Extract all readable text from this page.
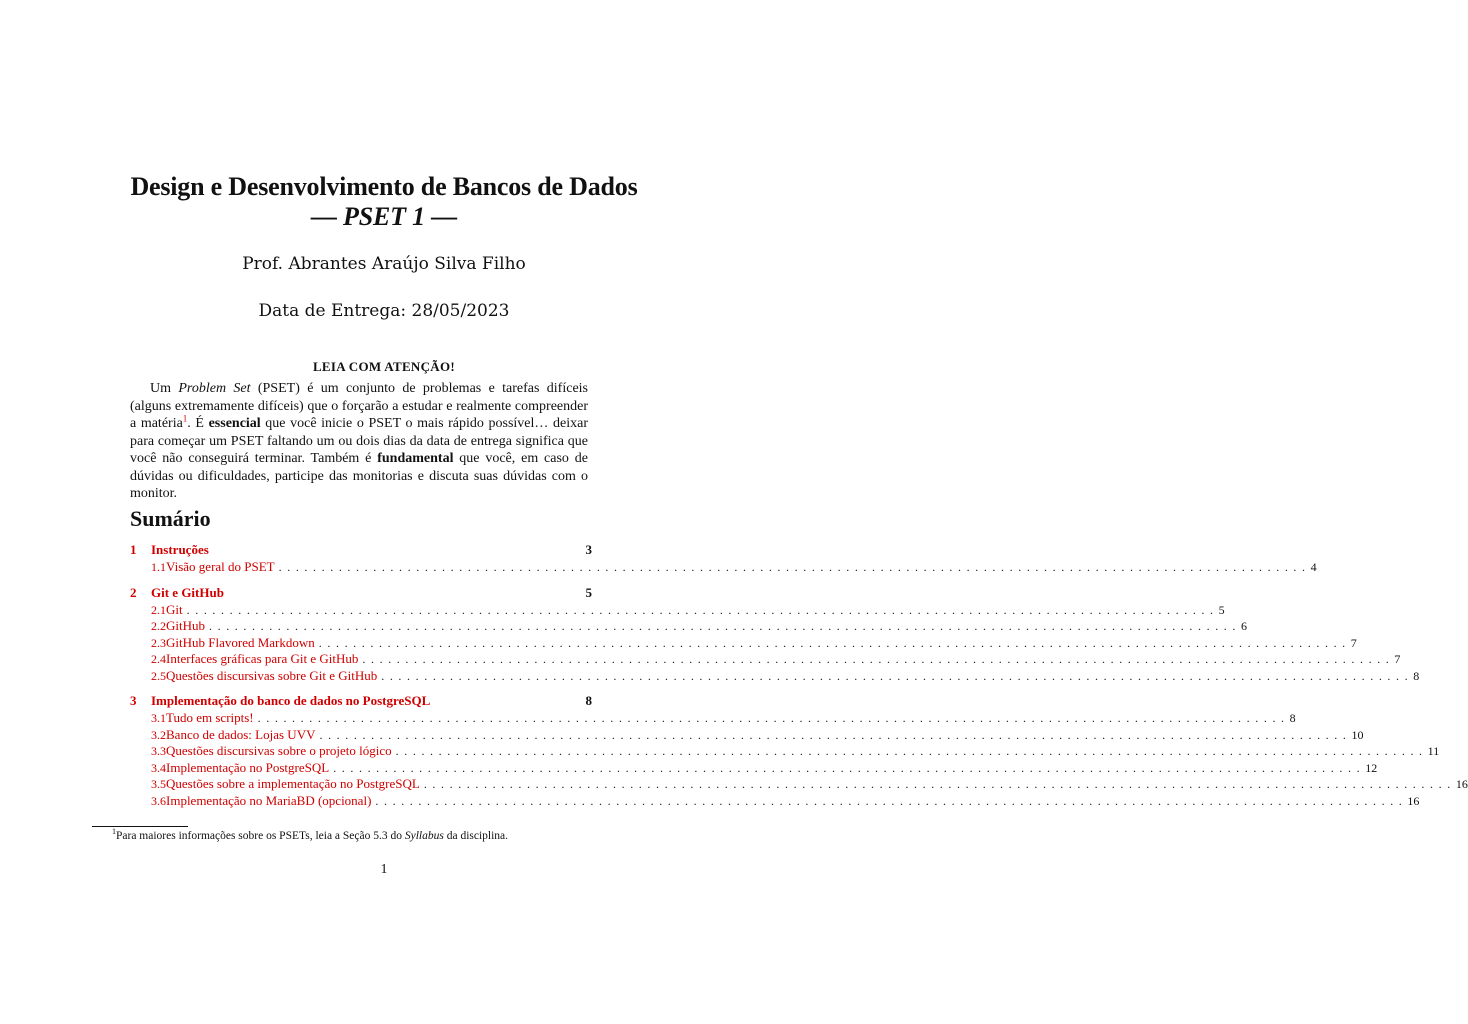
Design e Desenvolvimento de Bancos de Dados
— PSET 1 —
Prof. Abrantes Araújo Silva Filho
Data de Entrega: 28/05/2023
LEIA COM ATENÇÃO!
Um Problem Set (PSET) é um conjunto de problemas e tarefas difíceis (alguns extremamente difíceis) que o forçarão a estudar e realmente compreender a matéria$^1$. É essencial que você inicie o PSET o mais rápido possível… deixar para começar um PSET faltando um ou dois dias da data de entrega significa que você não conseguirá terminar. Também é fundamental que você, em caso de dúvidas ou dificuldades, participe das monitorias e discuta suas dúvidas com o monitor.
Sumário
1	Instruções	3
1.1 Visão geral do PSET ........................................................................................................................ 4
2	Git e GitHub	5
2.1 Git ........................................................................................................................ 5
2.2 GitHub ........................................................................................................................ 6
2.3 GitHub Flavored Markdown ........................................................................................................................ 7
2.4 Interfaces gráficas para Git e GitHub ........................................................................................................................ 7
2.5 Questões discursivas sobre Git e GitHub ........................................................................................................................ 8
3	Implementação do banco de dados no PostgreSQL	8
3.1 Tudo em scripts! ........................................................................................................................ 8
3.2 Banco de dados: Lojas UVV ........................................................................................................................ 10
3.3 Questões discursivas sobre o projeto lógico ........................................................................................................................ 11
3.4 Implementação no PostgreSQL ........................................................................................................................ 12
3.5 Questões sobre a implementação no PostgreSQL ........................................................................................................................ 16
3.6 Implementação no MariaBD (opcional) ........................................................................................................................ 16
$^1$Para maiores informações sobre os PSETs, leia a Seção 5.3 do Syllabus da disciplina.
1
